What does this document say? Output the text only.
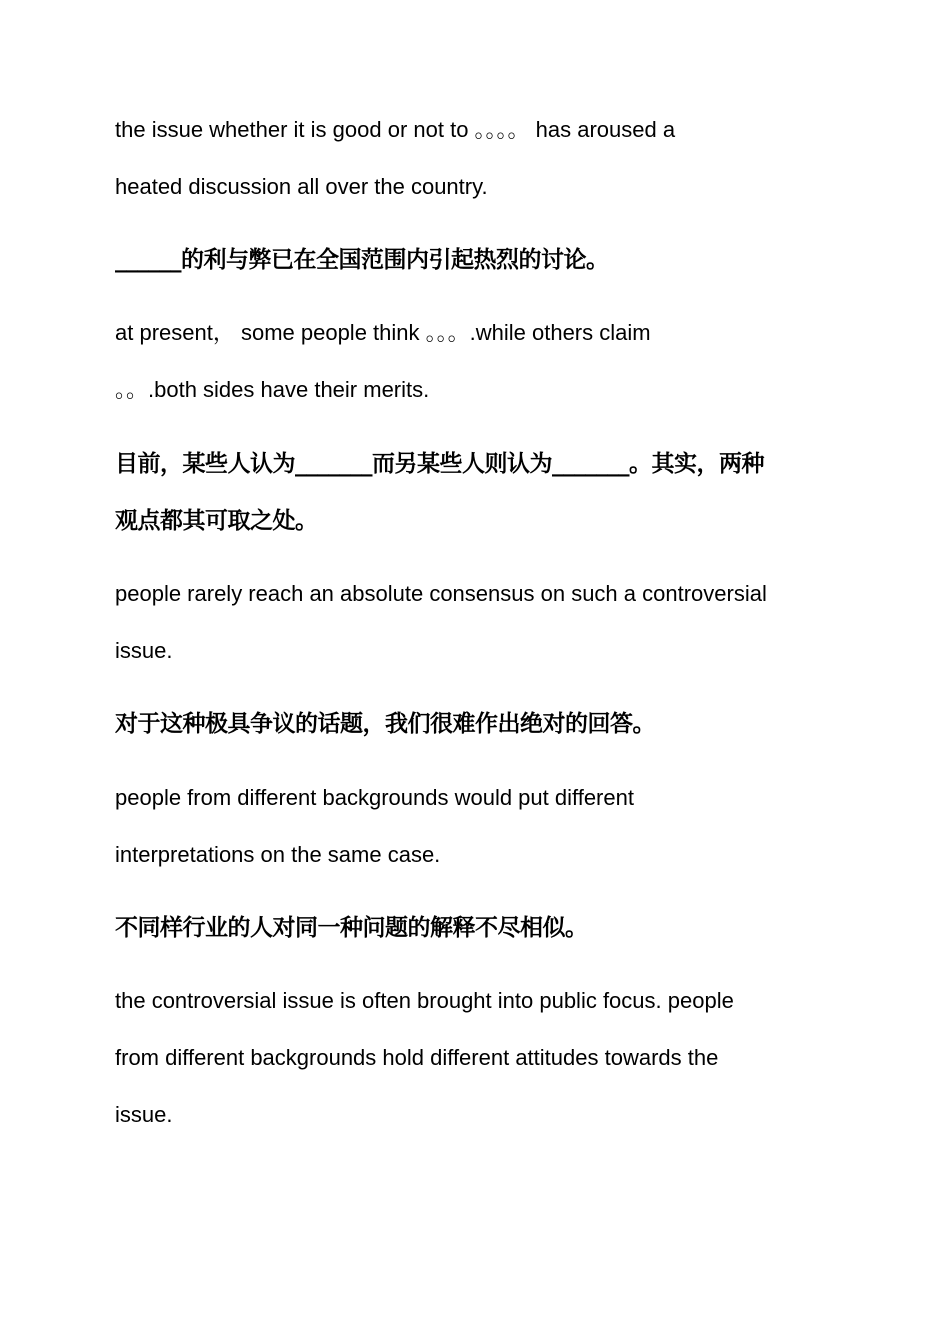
the issue whether it is good or not to 。。。。 has aroused a
heated discussion all over the country.
______的利与弊已在全国范围内引起热烈的讨论。
at present， some people think 。。。.while others claim
。。.both sides have their merits.
目前，某些人认为_______而另某些人则认为_______。其实，两种
观点都其可取之处。
people rarely reach an absolute consensus on such a controversial
issue.
对于这种极具争议的话题，我们很难作出绝对的回答。
people from different backgrounds would put different
interpretations on the same case.
不同样行业的人对同一种问题的解释不尽相似。
the controversial issue is often brought into public focus. people
from different backgrounds hold different attitudes towards the
issue.
